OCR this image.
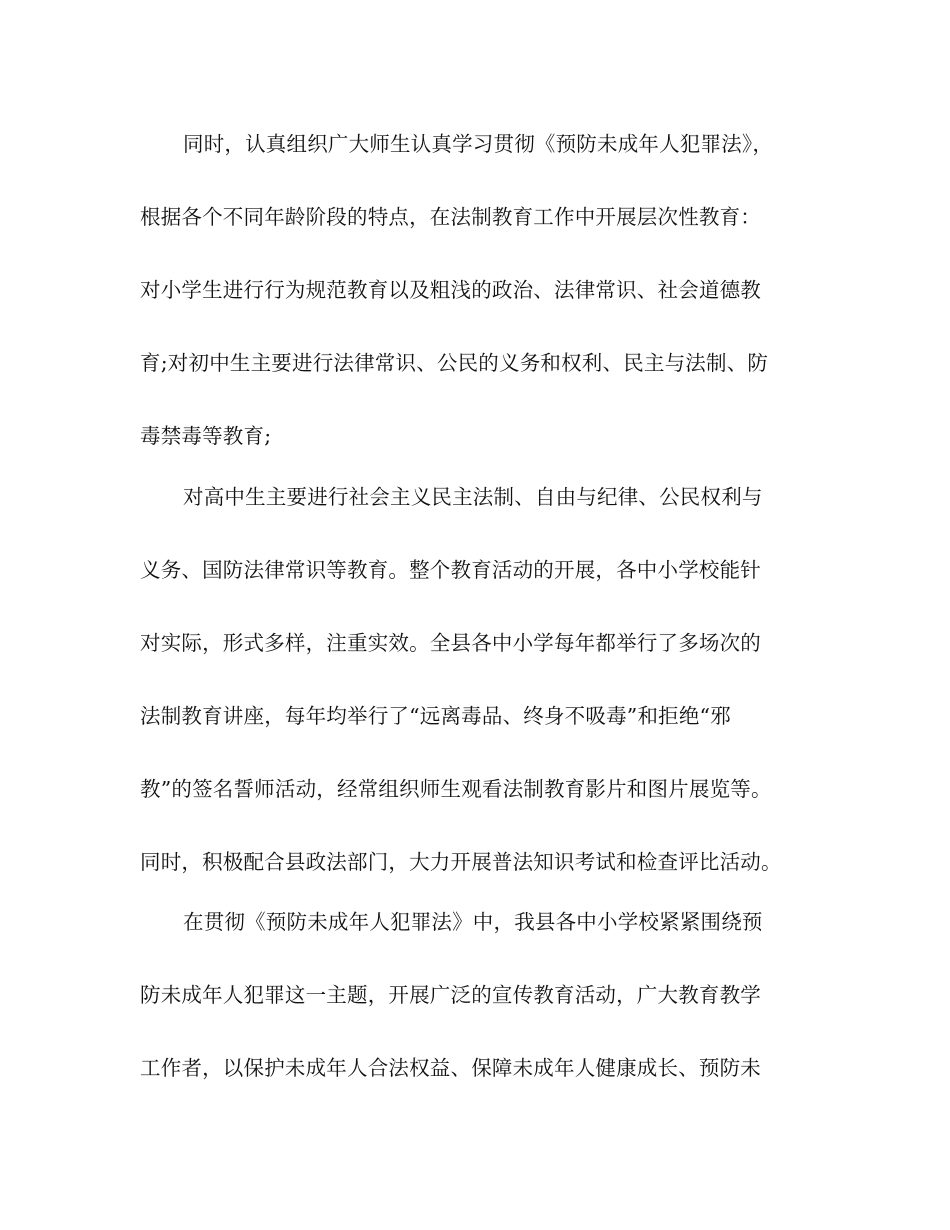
同时，认真组织广大师生认真学习贯彻《预防未成年人犯罪法》，
根据各个不同年龄阶段的特点，在法制教育工作中开展层次性教育：
对小学生进行行为规范教育以及粗浅的政治、法律常识、社会道德教
育;对初中生主要进行法律常识、公民的义务和权利、民主与法制、防
毒禁毒等教育;
对高中生主要进行社会主义民主法制、自由与纪律、公民权利与
义务、国防法律常识等教育。整个教育活动的开展，各中小学校能针
对实际，形式多样，注重实效。全县各中小学每年都举行了多场次的
法制教育讲座，每年均举行了“远离毒品、终身不吸毒”和拒绝“邪
教”的签名誓师活动，经常组织师生观看法制教育影片和图片展览等。
同时，积极配合县政法部门，大力开展普法知识考试和检查评比活动。
在贯彻《预防未成年人犯罪法》中，我县各中小学校紧紧围绕预
防未成年人犯罪这一主题，开展广泛的宣传教育活动，广大教育教学
工作者，以保护未成年人合法权益、保障未成年人健康成长、预防未
